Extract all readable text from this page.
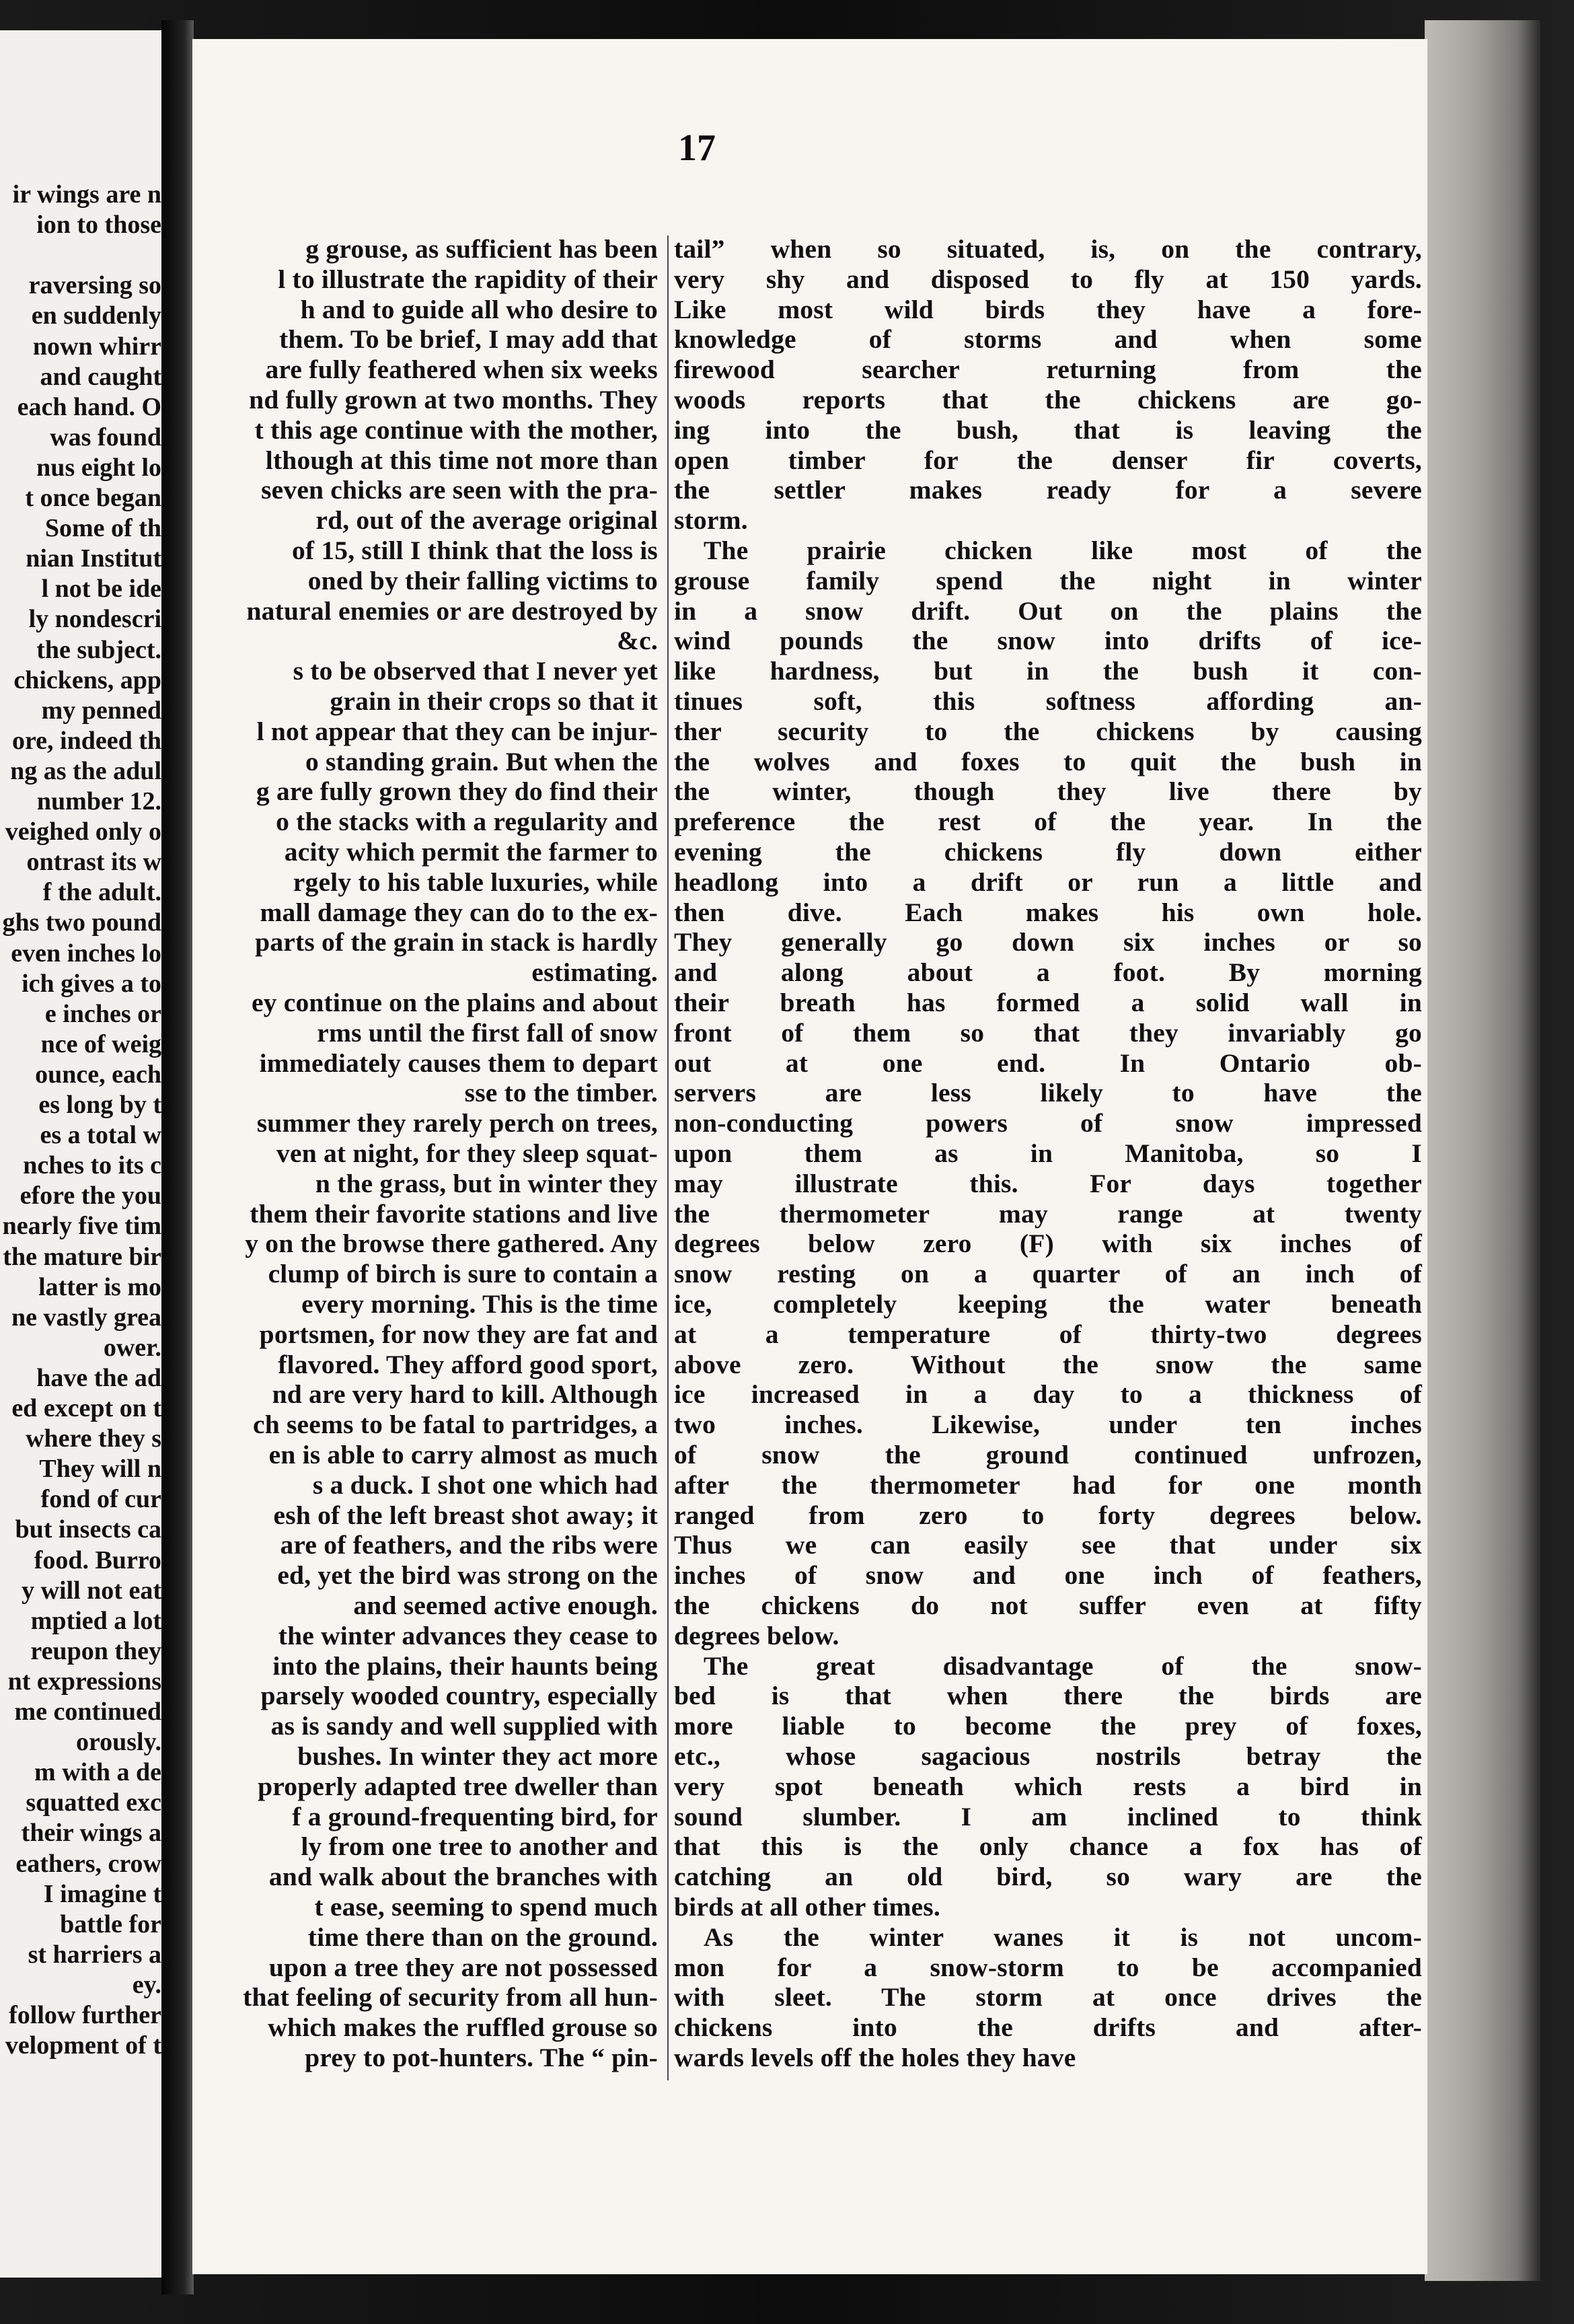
ir wings are n
ion to those
raversing so
en suddenly
nown whirr
and caught
each hand. O
was found
nus eight lo
t once began
Some of th
nian Institut
l not be ide
ly nondescri
the subject.
chickens, app
my penned
ore, indeed th
ng as the adul
number 12.
veighed only o
ontrast its w
f the adult.
ghs two pound
even inches lo
ich gives a to
e inches or
nce of weig
ounce, each
es long by t
es a total w
nches to its c
efore the you
nearly five tim
the mature bir
latter is mo
ne vastly grea
ower.
have the ad
ed except on t
where they s
They will n
fond of cur
but insects ca
food. Burro
y will not eat
mptied a lot
reupon they
nt expressions
me continued
orously.
m with a de
squatted exc
their wings a
eathers, crow
I imagine t
battle for
st harriers a
ey.
follow further
velopment of t
17
g grouse, as sufficient has been
l to illustrate the rapidity of their
h and to guide all who desire to
them. To be brief, I may add that
are fully feathered when six weeks
nd fully grown at two months. They
t this age continue with the mother,
lthough at this time not more than
seven chicks are seen with the pra-
rd, out of the average original
of 15, still I think that the loss is
oned by their falling victims to
natural enemies or are destroyed by
&c.
s to be observed that I never yet
grain in their crops so that it
l not appear that they can be injur-
o standing grain. But when the
g are fully grown they do find their
o the stacks with a regularity and
acity which permit the farmer to
rgely to his table luxuries, while
mall damage they can do to the ex-
parts of the grain in stack is hardly
estimating.
ey continue on the plains and about
rms until the first fall of snow
immediately causes them to depart
sse to the timber.
summer they rarely perch on trees,
ven at night, for they sleep squat-
n the grass, but in winter they
them their favorite stations and live
y on the browse there gathered. Any
clump of birch is sure to contain a
every morning. This is the time
portsmen, for now they are fat and
flavored. They afford good sport,
nd are very hard to kill. Although
ch seems to be fatal to partridges, a
en is able to carry almost as much
s a duck. I shot one which had
esh of the left breast shot away; it
are of feathers, and the ribs were
ed, yet the bird was strong on the
and seemed active enough.
the winter advances they cease to
into the plains, their haunts being
parsely wooded country, especially
as is sandy and well supplied with
bushes. In winter they act more
properly adapted tree dweller than
f a ground-frequenting bird, for
ly from one tree to another and
and walk about the branches with
t ease, seeming to spend much
time there than on the ground.
upon a tree they are not possessed
that feeling of security from all hun-
which makes the ruffled grouse so
prey to pot-hunters. The “ pin-
tail” when so situated, is, on the contrary,
very shy and disposed to fly at 150 yards.
Like most wild birds they have a fore-
knowledge of storms and when some
firewood searcher returning from the
woods reports that the chickens are go-
ing into the bush, that is leaving the
open timber for the denser fir coverts,
the settler makes ready for a severe
storm.
The prairie chicken like most of the
grouse family spend the night in winter
in a snow drift. Out on the plains the
wind pounds the snow into drifts of ice-
like hardness, but in the bush it con-
tinues soft, this softness affording an-
ther security to the chickens by causing
the wolves and foxes to quit the bush in
the winter, though they live there by
preference the rest of the year. In the
evening the chickens fly down either
headlong into a drift or run a little and
then dive. Each makes his own hole.
They generally go down six inches or so
and along about a foot. By morning
their breath has formed a solid wall in
front of them so that they invariably go
out at one end. In Ontario ob-
servers are less likely to have the
non-conducting powers of snow impressed
upon them as in Manitoba, so I
may illustrate this. For days together
the thermometer may range at twenty
degrees below zero (F) with six inches of
snow resting on a quarter of an inch of
ice, completely keeping the water beneath
at a temperature of thirty-two degrees
above zero. Without the snow the same
ice increased in a day to a thickness of
two inches. Likewise, under ten inches
of snow the ground continued unfrozen,
after the thermometer had for one month
ranged from zero to forty degrees below.
Thus we can easily see that under six
inches of snow and one inch of feathers,
the chickens do not suffer even at fifty
degrees below.
The great disadvantage of the snow-
bed is that when there the birds are
more liable to become the prey of foxes,
etc., whose sagacious nostrils betray the
very spot beneath which rests a bird in
sound slumber. I am inclined to think
that this is the only chance a fox has of
catching an old bird, so wary are the
birds at all other times.
As the winter wanes it is not uncom-
mon for a snow-storm to be accompanied
with sleet. The storm at once drives the
chickens into the drifts and after-
wards levels off the holes they have
